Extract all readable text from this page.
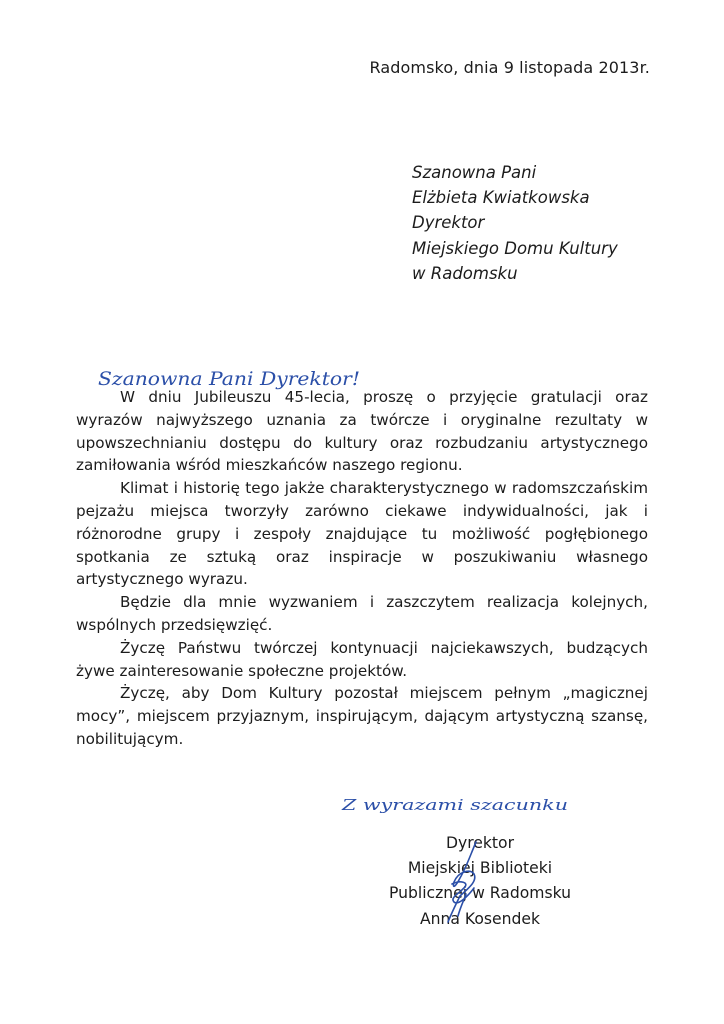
Radomsko, dnia 9 listopada 2013r.
Szanowna Pani
Elżbieta Kwiatkowska
Dyrektor
Miejskiego Domu Kultury
w Radomsku
Szanowna Pani Dyrektor!

W dniu Jubileuszu 45-lecia, proszę o przyjęcie gratulacji oraz wyrazów najwyższego uznania za twórcze i oryginalne rezultaty w upowszechnianiu dostępu do kultury oraz rozbudzaniu artystycznego zamiłowania wśród mieszkańców naszego regionu.

Klimat i historię tego jakże charakterystycznego w radomszczańskim pejzażu miejsca tworzyły zarówno ciekawe indywidualności, jak i różnorodne grupy i zespoły znajdujące tu możliwość pogłębionego spotkania ze sztuką oraz inspiracje w poszukiwaniu własnego artystycznego wyrazu.

Będzie dla mnie wyzwaniem i zaszczytem realizacja kolejnych, wspólnych przedsięwzięć.

Życzę Państwu twórczej kontynuacji najciekawszych, budzących żywe zainteresowanie społeczne projektów.

Życzę, aby Dom Kultury pozostał miejscem pełnym „magicznej mocy”, miejscem przyjaznym, inspirującym, dającym artystyczną szansę, nobilitującym.

Z wyrazami szacunku
Dyrektor
Miejskiej Biblioteki
Publicznej w Radomsku
Anna Kosendek
